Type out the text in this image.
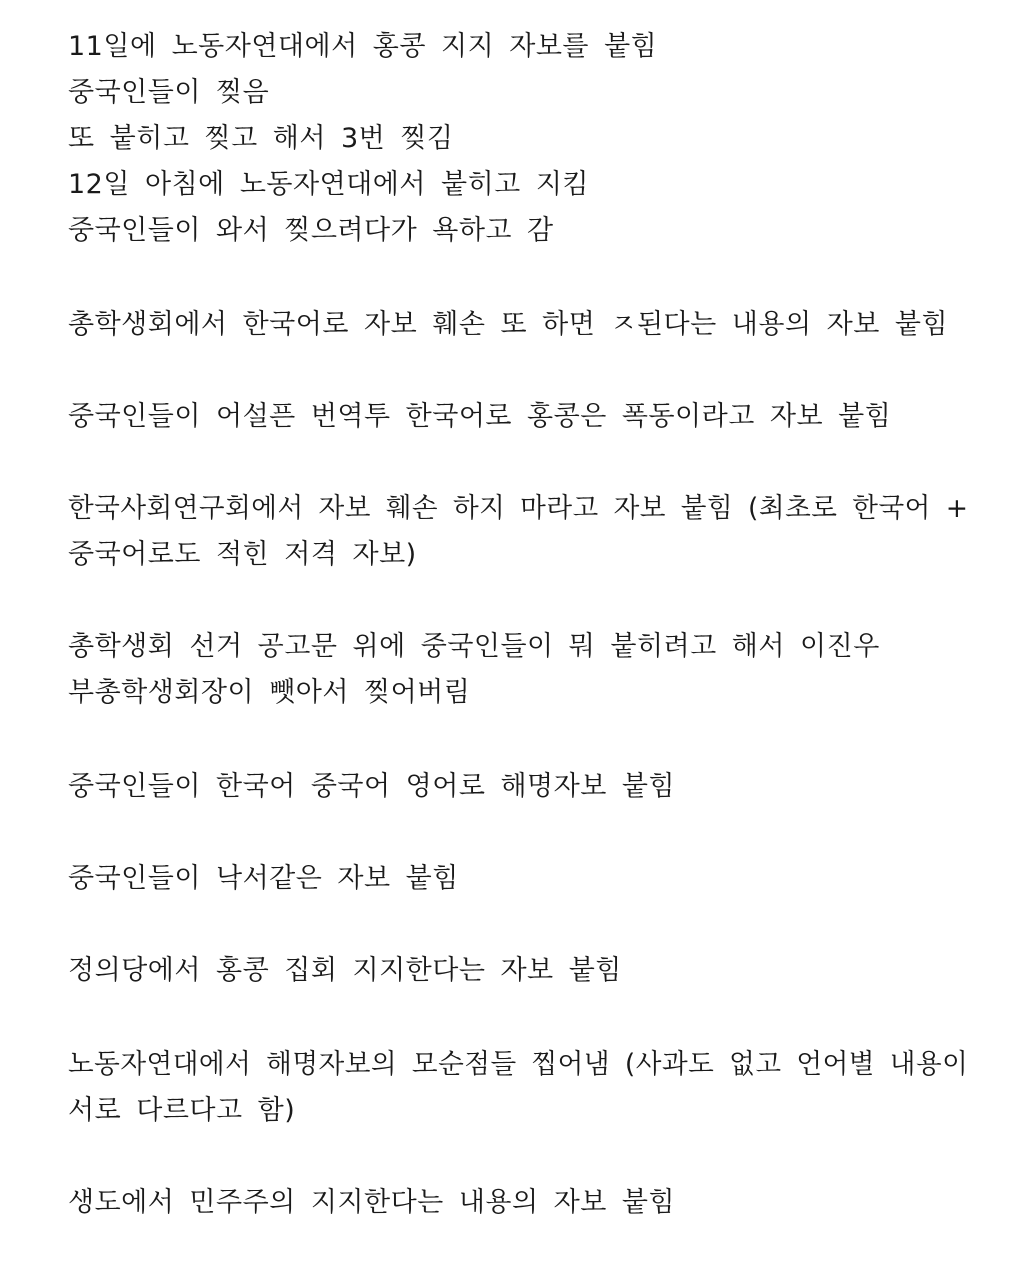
11일에 노동자연대에서 홍콩 지지 자보를 붙힘
중국인들이 찢음
또 붙히고 찢고 해서 3번 찢김
12일 아침에 노동자연대에서 붙히고 지킴
중국인들이 와서 찢으려다가 욕하고 감
총학생회에서 한국어로 자보 훼손 또 하면 ㅈ된다는 내용의 자보 붙힘
중국인들이 어설픈 번역투 한국어로 홍콩은 폭동이라고 자보 붙힘
한국사회연구회에서 자보 훼손 하지 마라고 자보 붙힘 (최초로 한국어 +
중국어로도 적힌 저격 자보)
총학생회 선거 공고문 위에 중국인들이 뭐 붙히려고 해서 이진우
부총학생회장이 뺏아서 찢어버림
중국인들이 한국어 중국어 영어로 해명자보 붙힘
중국인들이 낙서같은 자보 붙힘
정의당에서 홍콩 집회 지지한다는 자보 붙힘
노동자연대에서 해명자보의 모순점들 찝어냄 (사과도 없고 언어별 내용이
서로 다르다고 함)
생도에서 민주주의 지지한다는 내용의 자보 붙힘
